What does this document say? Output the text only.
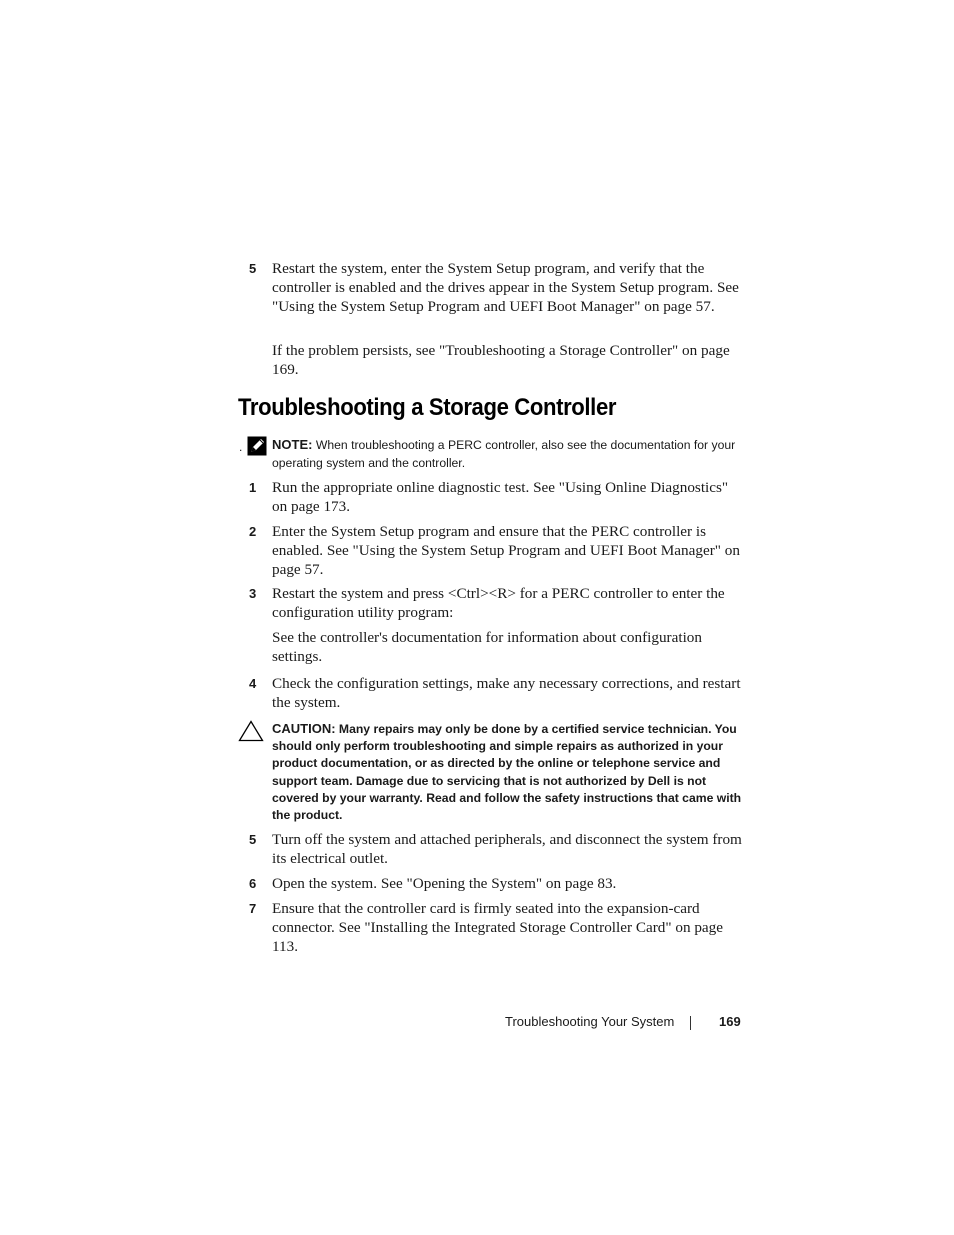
5 Restart the system, enter the System Setup program, and verify that the controller is enabled and the drives appear in the System Setup program. See "Using the System Setup Program and UEFI Boot Manager" on page 57.
If the problem persists, see "Troubleshooting a Storage Controller" on page 169.
Troubleshooting a Storage Controller
. NOTE: When troubleshooting a PERC controller, also see the documentation for your operating system and the controller.
1 Run the appropriate online diagnostic test. See "Using Online Diagnostics" on page 173.
2 Enter the System Setup program and ensure that the PERC controller is enabled. See "Using the System Setup Program and UEFI Boot Manager" on page 57.
3 Restart the system and press <Ctrl><R> for a PERC controller to enter the configuration utility program:
See the controller's documentation for information about configuration settings.
4 Check the configuration settings, make any necessary corrections, and restart the system.
CAUTION: Many repairs may only be done by a certified service technician. You should only perform troubleshooting and simple repairs as authorized in your product documentation, or as directed by the online or telephone service and support team. Damage due to servicing that is not authorized by Dell is not covered by your warranty. Read and follow the safety instructions that came with the product.
5 Turn off the system and attached peripherals, and disconnect the system from its electrical outlet.
6 Open the system. See "Opening the System" on page 83.
7 Ensure that the controller card is firmly seated into the expansion-card connector. See "Installing the Integrated Storage Controller Card" on page 113.
Troubleshooting Your System	169
